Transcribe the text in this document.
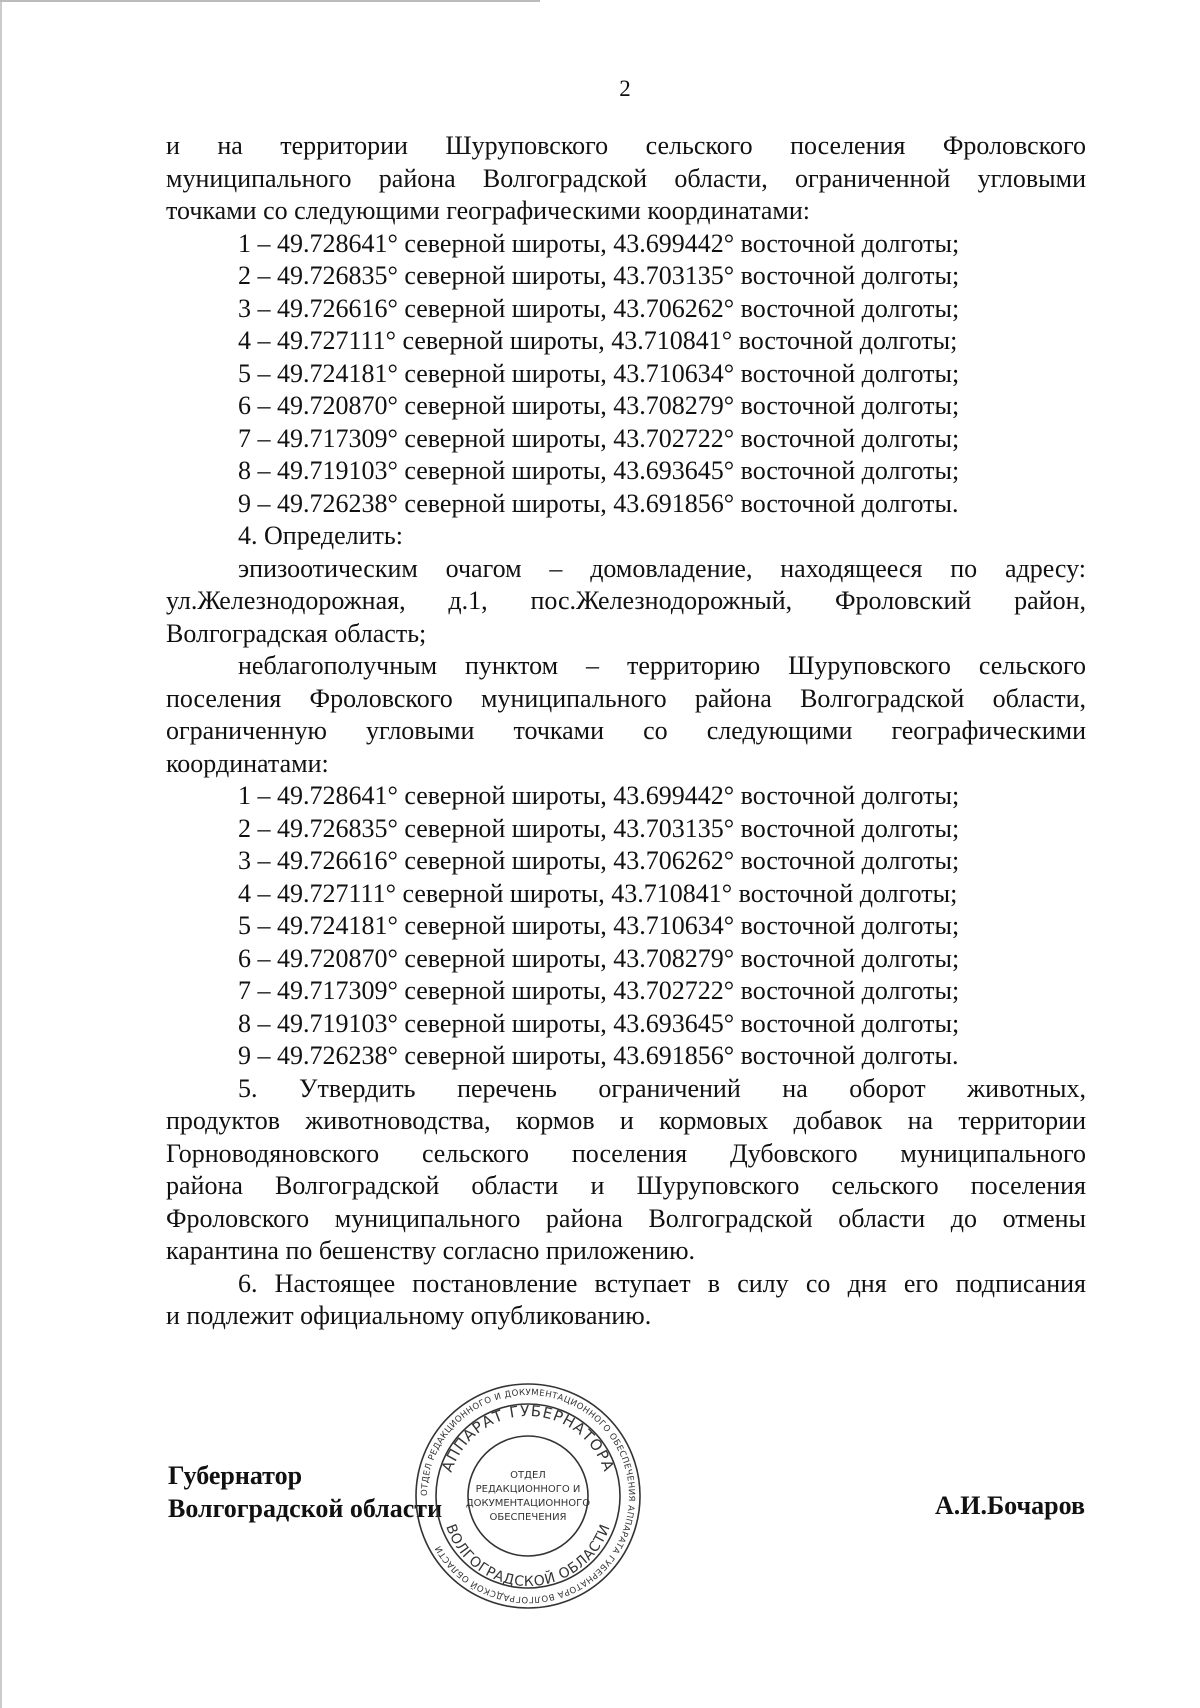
2

и на территории Шуруповского сельского поселения Фроловского

муниципального района Волгоградской области, ограниченной угловыми

точками со следующими географическими координатами:

1 – 49.728641° северной широты, 43.699442° восточной долготы;

2 – 49.726835° северной широты, 43.703135° восточной долготы;

3 – 49.726616° северной широты, 43.706262° восточной долготы;

4 – 49.727111° северной широты, 43.710841° восточной долготы;

5 – 49.724181° северной широты, 43.710634° восточной долготы;

6 – 49.720870° северной широты, 43.708279° восточной долготы;

7 – 49.717309° северной широты, 43.702722° восточной долготы;

8 – 49.719103° северной широты, 43.693645° восточной долготы;

9 – 49.726238° северной широты, 43.691856° восточной долготы.

4. Определить:

эпизоотическим очагом – домовладение, находящееся по адресу:

ул.Железнодорожная, д.1, пос.Железнодорожный, Фроловский район,

Волгоградская область;

неблагополучным пунктом – территорию Шуруповского сельского

поселения Фроловского муниципального района Волгоградской области,

ограниченную угловыми точками со следующими географическими

координатами:

1 – 49.728641° северной широты, 43.699442° восточной долготы;

2 – 49.726835° северной широты, 43.703135° восточной долготы;

3 – 49.726616° северной широты, 43.706262° восточной долготы;

4 – 49.727111° северной широты, 43.710841° восточной долготы;

5 – 49.724181° северной широты, 43.710634° восточной долготы;

6 – 49.720870° северной широты, 43.708279° восточной долготы;

7 – 49.717309° северной широты, 43.702722° восточной долготы;

8 – 49.719103° северной широты, 43.693645° восточной долготы;

9 – 49.726238° северной широты, 43.691856° восточной долготы.

5. Утвердить перечень ограничений на оборот животных,

продуктов животноводства, кормов и кормовых добавок на территории

Горноводяновского сельского поселения Дубовского муниципального

района Волгоградской области и Шуруповского сельского поселения

Фроловского муниципального района Волгоградской области до отмены

карантина по бешенству согласно приложению.

6. Настоящее постановление вступает в силу со дня его подписания

и подлежит официальному опубликованию.

Губернатор
Волгоградской области	А.И.Бочаров
ОТДЕЛ РЕДАКЦИОННОГО И ДОКУМЕНТАЦИОННОГО ОБЕСПЕЧЕНИЯ АППАРАТА ГУБЕРНАТОРА ВОЛГОГРАДСКОЙ ОБЛАСТИ
АППАРАТ ГУБЕРНАТОРА
ВОЛГОГРАДСКОЙ ОБЛАСТИ
ОТДЕЛ
РЕДАКЦИОННОГО И
ДОКУМЕНТАЦИОННОГО
ОБЕСПЕЧЕНИЯ
